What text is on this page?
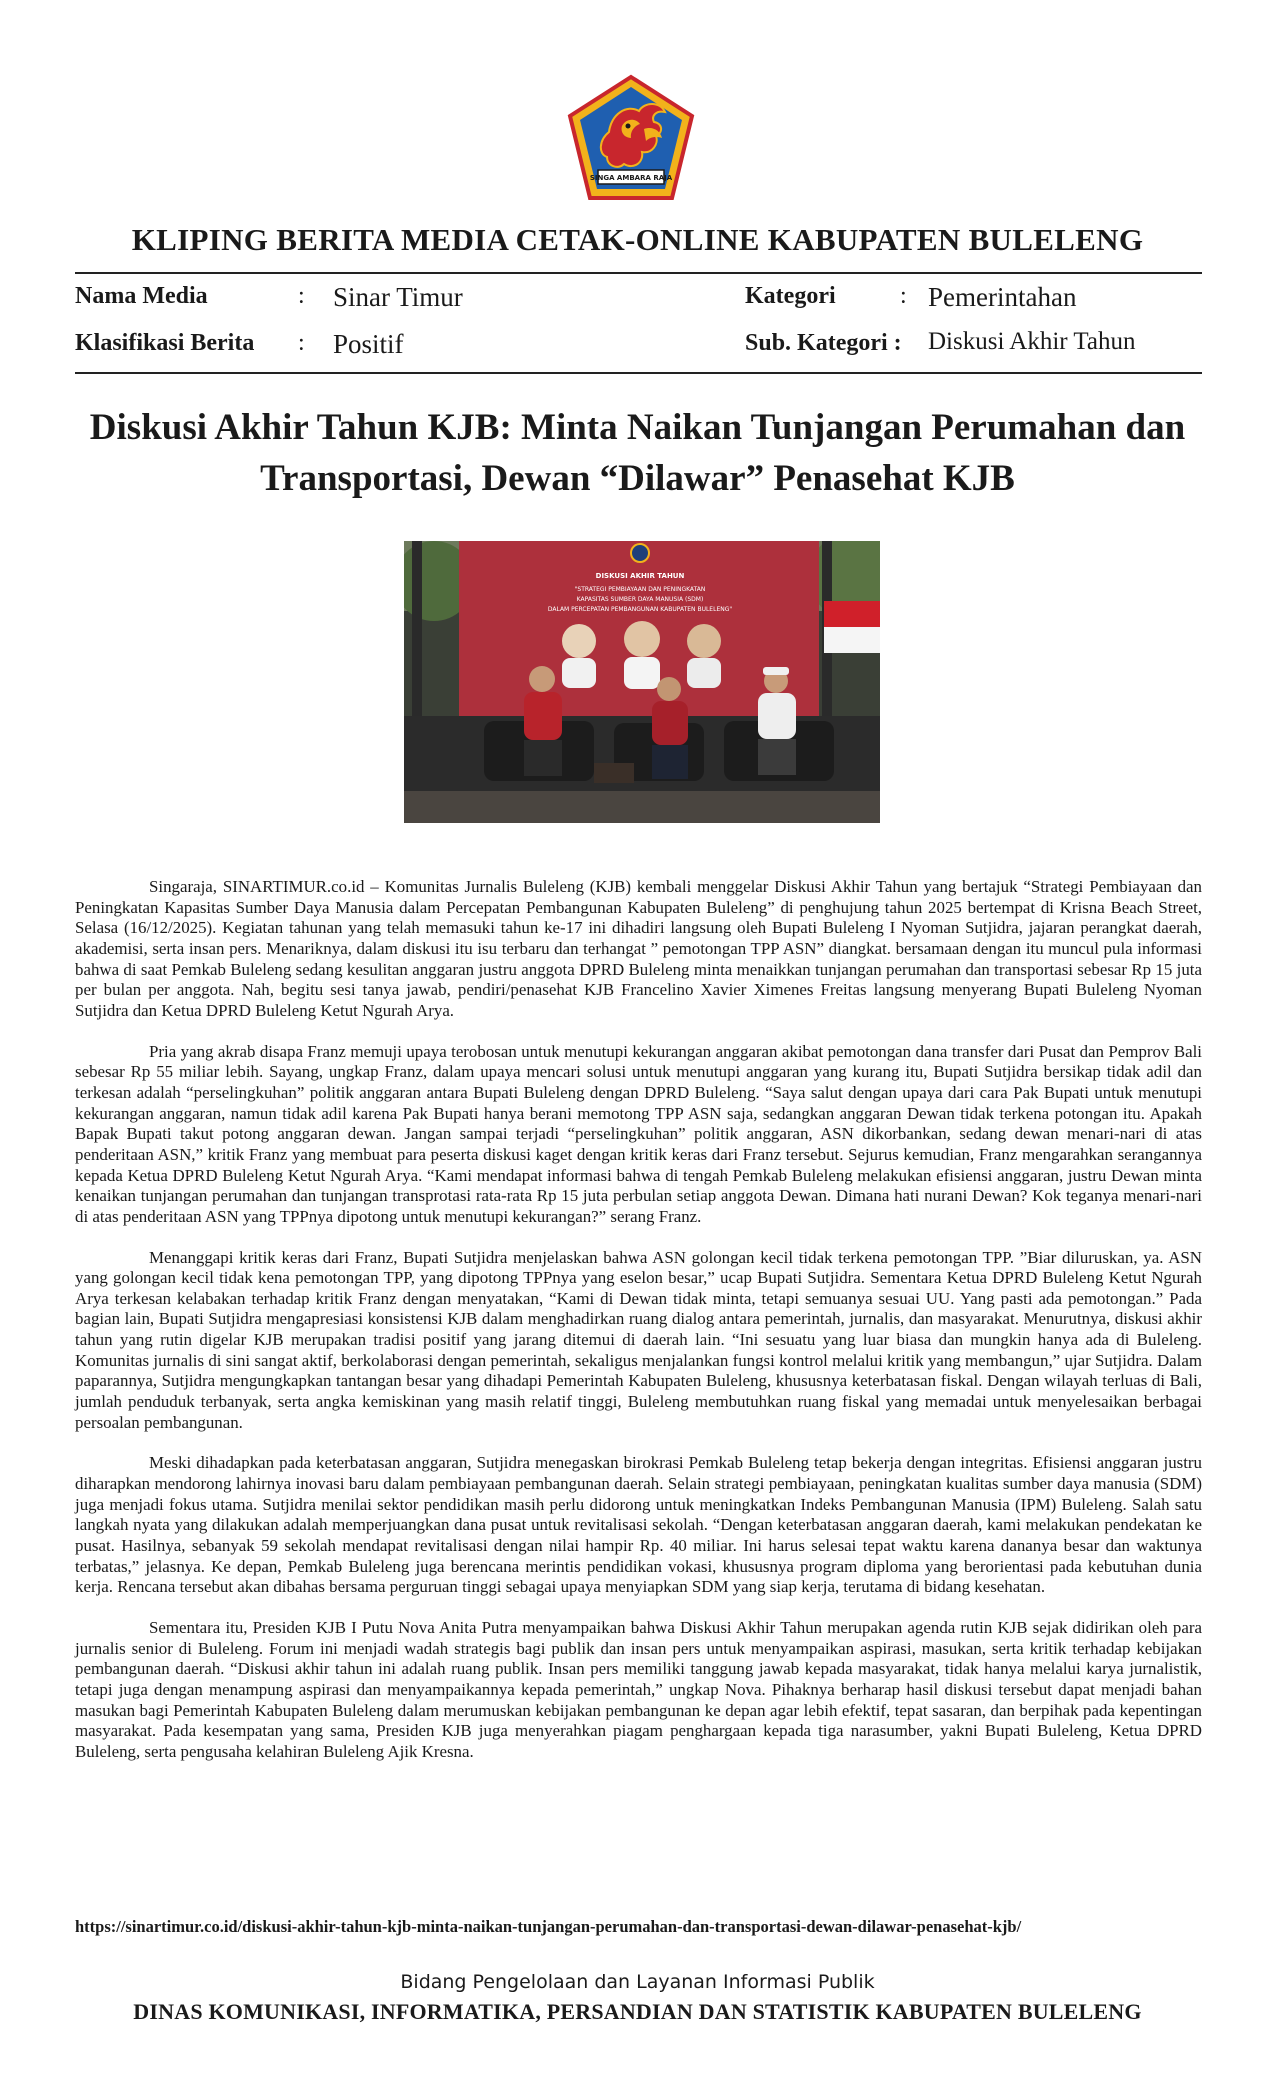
SINGA AMBARA RAJA
KLIPING BERITA MEDIA CETAK-ONLINE KABUPATEN BULELENG
Nama Media	: Sinar Timur	Kategori	: Pemerintahan
Klasifikasi Berita : Positif	Sub. Kategori : Diskusi Akhir Tahun
Diskusi Akhir Tahun KJB: Minta Naikan Tunjangan Perumahan dan Transportasi, Dewan “Dilawar” Penasehat KJB
DISKUSI AKHIR TAHUN
"STRATEGI PEMBIAYAAN DAN PENINGKATAN
KAPASITAS SUMBER DAYA MANUSIA (SDM)
DALAM PERCEPATAN PEMBANGUNAN KABUPATEN BULELENG"

Singaraja, SINARTIMUR.co.id – Komunitas Jurnalis Buleleng (KJB) kembali menggelar Diskusi Akhir Tahun yang bertajuk “Strategi Pembiayaan dan Peningkatan Kapasitas Sumber Daya Manusia dalam Percepatan Pembangunan Kabupaten Buleleng” di penghujung tahun 2025 bertempat di Krisna Beach Street, Selasa (16/12/2025). Kegiatan tahunan yang telah memasuki tahun ke-17 ini dihadiri langsung oleh Bupati Buleleng I Nyoman Sutjidra, jajaran perangkat daerah, akademisi, serta insan pers. Menariknya, dalam diskusi itu isu terbaru dan terhangat ” pemotongan TPP ASN” diangkat. bersamaan dengan itu muncul pula informasi bahwa di saat Pemkab Buleleng sedang kesulitan anggaran justru anggota DPRD Buleleng minta menaikkan tunjangan perumahan dan transportasi sebesar Rp 15 juta per bulan per anggota. Nah, begitu sesi tanya jawab, pendiri/penasehat KJB Francelino Xavier Ximenes Freitas langsung menyerang Bupati Buleleng Nyoman Sutjidra dan Ketua DPRD Buleleng Ketut Ngurah Arya.

Pria yang akrab disapa Franz memuji upaya terobosan untuk menutupi kekurangan anggaran akibat pemotongan dana transfer dari Pusat dan Pemprov Bali sebesar Rp 55 miliar lebih. Sayang, ungkap Franz, dalam upaya mencari solusi untuk menutupi anggaran yang kurang itu, Bupati Sutjidra bersikap tidak adil dan terkesan adalah “perselingkuhan” politik anggaran antara Bupati Buleleng dengan DPRD Buleleng. “Saya salut dengan upaya dari cara Pak Bupati untuk menutupi kekurangan anggaran, namun tidak adil karena Pak Bupati hanya berani memotong TPP ASN saja, sedangkan anggaran Dewan tidak terkena potongan itu. Apakah Bapak Bupati takut potong anggaran dewan. Jangan sampai terjadi “perselingkuhan” politik anggaran, ASN dikorbankan, sedang dewan menari-nari di atas penderitaan ASN,” kritik Franz yang membuat para peserta diskusi kaget dengan kritik keras dari Franz tersebut. Sejurus kemudian, Franz mengarahkan serangannya kepada Ketua DPRD Buleleng Ketut Ngurah Arya. “Kami mendapat informasi bahwa di tengah Pemkab Buleleng melakukan efisiensi anggaran, justru Dewan minta kenaikan tunjangan perumahan dan tunjangan transprotasi rata-rata Rp 15 juta perbulan setiap anggota Dewan. Dimana hati nurani Dewan? Kok teganya menari-nari di atas penderitaan ASN yang TPPnya dipotong untuk menutupi kekurangan?” serang Franz.

Menanggapi kritik keras dari Franz, Bupati Sutjidra menjelaskan bahwa ASN golongan kecil tidak terkena pemotongan TPP. ”Biar diluruskan, ya. ASN yang golongan kecil tidak kena pemotongan TPP, yang dipotong TPPnya yang eselon besar,” ucap Bupati Sutjidra. Sementara Ketua DPRD Buleleng Ketut Ngurah Arya terkesan kelabakan terhadap kritik Franz dengan menyatakan, “Kami di Dewan tidak minta, tetapi semuanya sesuai UU. Yang pasti ada pemotongan.” Pada bagian lain, Bupati Sutjidra mengapresiasi konsistensi KJB dalam menghadirkan ruang dialog antara pemerintah, jurnalis, dan masyarakat. Menurutnya, diskusi akhir tahun yang rutin digelar KJB merupakan tradisi positif yang jarang ditemui di daerah lain. “Ini sesuatu yang luar biasa dan mungkin hanya ada di Buleleng. Komunitas jurnalis di sini sangat aktif, berkolaborasi dengan pemerintah, sekaligus menjalankan fungsi kontrol melalui kritik yang membangun,” ujar Sutjidra. Dalam paparannya, Sutjidra mengungkapkan tantangan besar yang dihadapi Pemerintah Kabupaten Buleleng, khususnya keterbatasan fiskal. Dengan wilayah terluas di Bali, jumlah penduduk terbanyak, serta angka kemiskinan yang masih relatif tinggi, Buleleng membutuhkan ruang fiskal yang memadai untuk menyelesaikan berbagai persoalan pembangunan.

Meski dihadapkan pada keterbatasan anggaran, Sutjidra menegaskan birokrasi Pemkab Buleleng tetap bekerja dengan integritas. Efisiensi anggaran justru diharapkan mendorong lahirnya inovasi baru dalam pembiayaan pembangunan daerah. Selain strategi pembiayaan, peningkatan kualitas sumber daya manusia (SDM) juga menjadi fokus utama. Sutjidra menilai sektor pendidikan masih perlu didorong untuk meningkatkan Indeks Pembangunan Manusia (IPM) Buleleng. Salah satu langkah nyata yang dilakukan adalah memperjuangkan dana pusat untuk revitalisasi sekolah. “Dengan keterbatasan anggaran daerah, kami melakukan pendekatan ke pusat. Hasilnya, sebanyak 59 sekolah mendapat revitalisasi dengan nilai hampir Rp. 40 miliar. Ini harus selesai tepat waktu karena dananya besar dan waktunya terbatas,” jelasnya. Ke depan, Pemkab Buleleng juga berencana merintis pendidikan vokasi, khususnya program diploma yang berorientasi pada kebutuhan dunia kerja. Rencana tersebut akan dibahas bersama perguruan tinggi sebagai upaya menyiapkan SDM yang siap kerja, terutama di bidang kesehatan.

Sementara itu, Presiden KJB I Putu Nova Anita Putra menyampaikan bahwa Diskusi Akhir Tahun merupakan agenda rutin KJB sejak didirikan oleh para jurnalis senior di Buleleng. Forum ini menjadi wadah strategis bagi publik dan insan pers untuk menyampaikan aspirasi, masukan, serta kritik terhadap kebijakan pembangunan daerah. “Diskusi akhir tahun ini adalah ruang publik. Insan pers memiliki tanggung jawab kepada masyarakat, tidak hanya melalui karya jurnalistik, tetapi juga dengan menampung aspirasi dan menyampaikannya kepada pemerintah,” ungkap Nova. Pihaknya berharap hasil diskusi tersebut dapat menjadi bahan masukan bagi Pemerintah Kabupaten Buleleng dalam merumuskan kebijakan pembangunan ke depan agar lebih efektif, tepat sasaran, dan berpihak pada kepentingan masyarakat. Pada kesempatan yang sama, Presiden KJB juga menyerahkan piagam penghargaan kepada tiga narasumber, yakni Bupati Buleleng, Ketua DPRD Buleleng, serta pengusaha kelahiran Buleleng Ajik Kresna.

https://sinartimur.co.id/diskusi-akhir-tahun-kjb-minta-naikan-tunjangan-perumahan-dan-transportasi-dewan-dilawar-penasehat-kjb/
Bidang Pengelolaan dan Layanan Informasi Publik
DINAS KOMUNIKASI, INFORMATIKA, PERSANDIAN DAN STATISTIK KABUPATEN BULELENG
